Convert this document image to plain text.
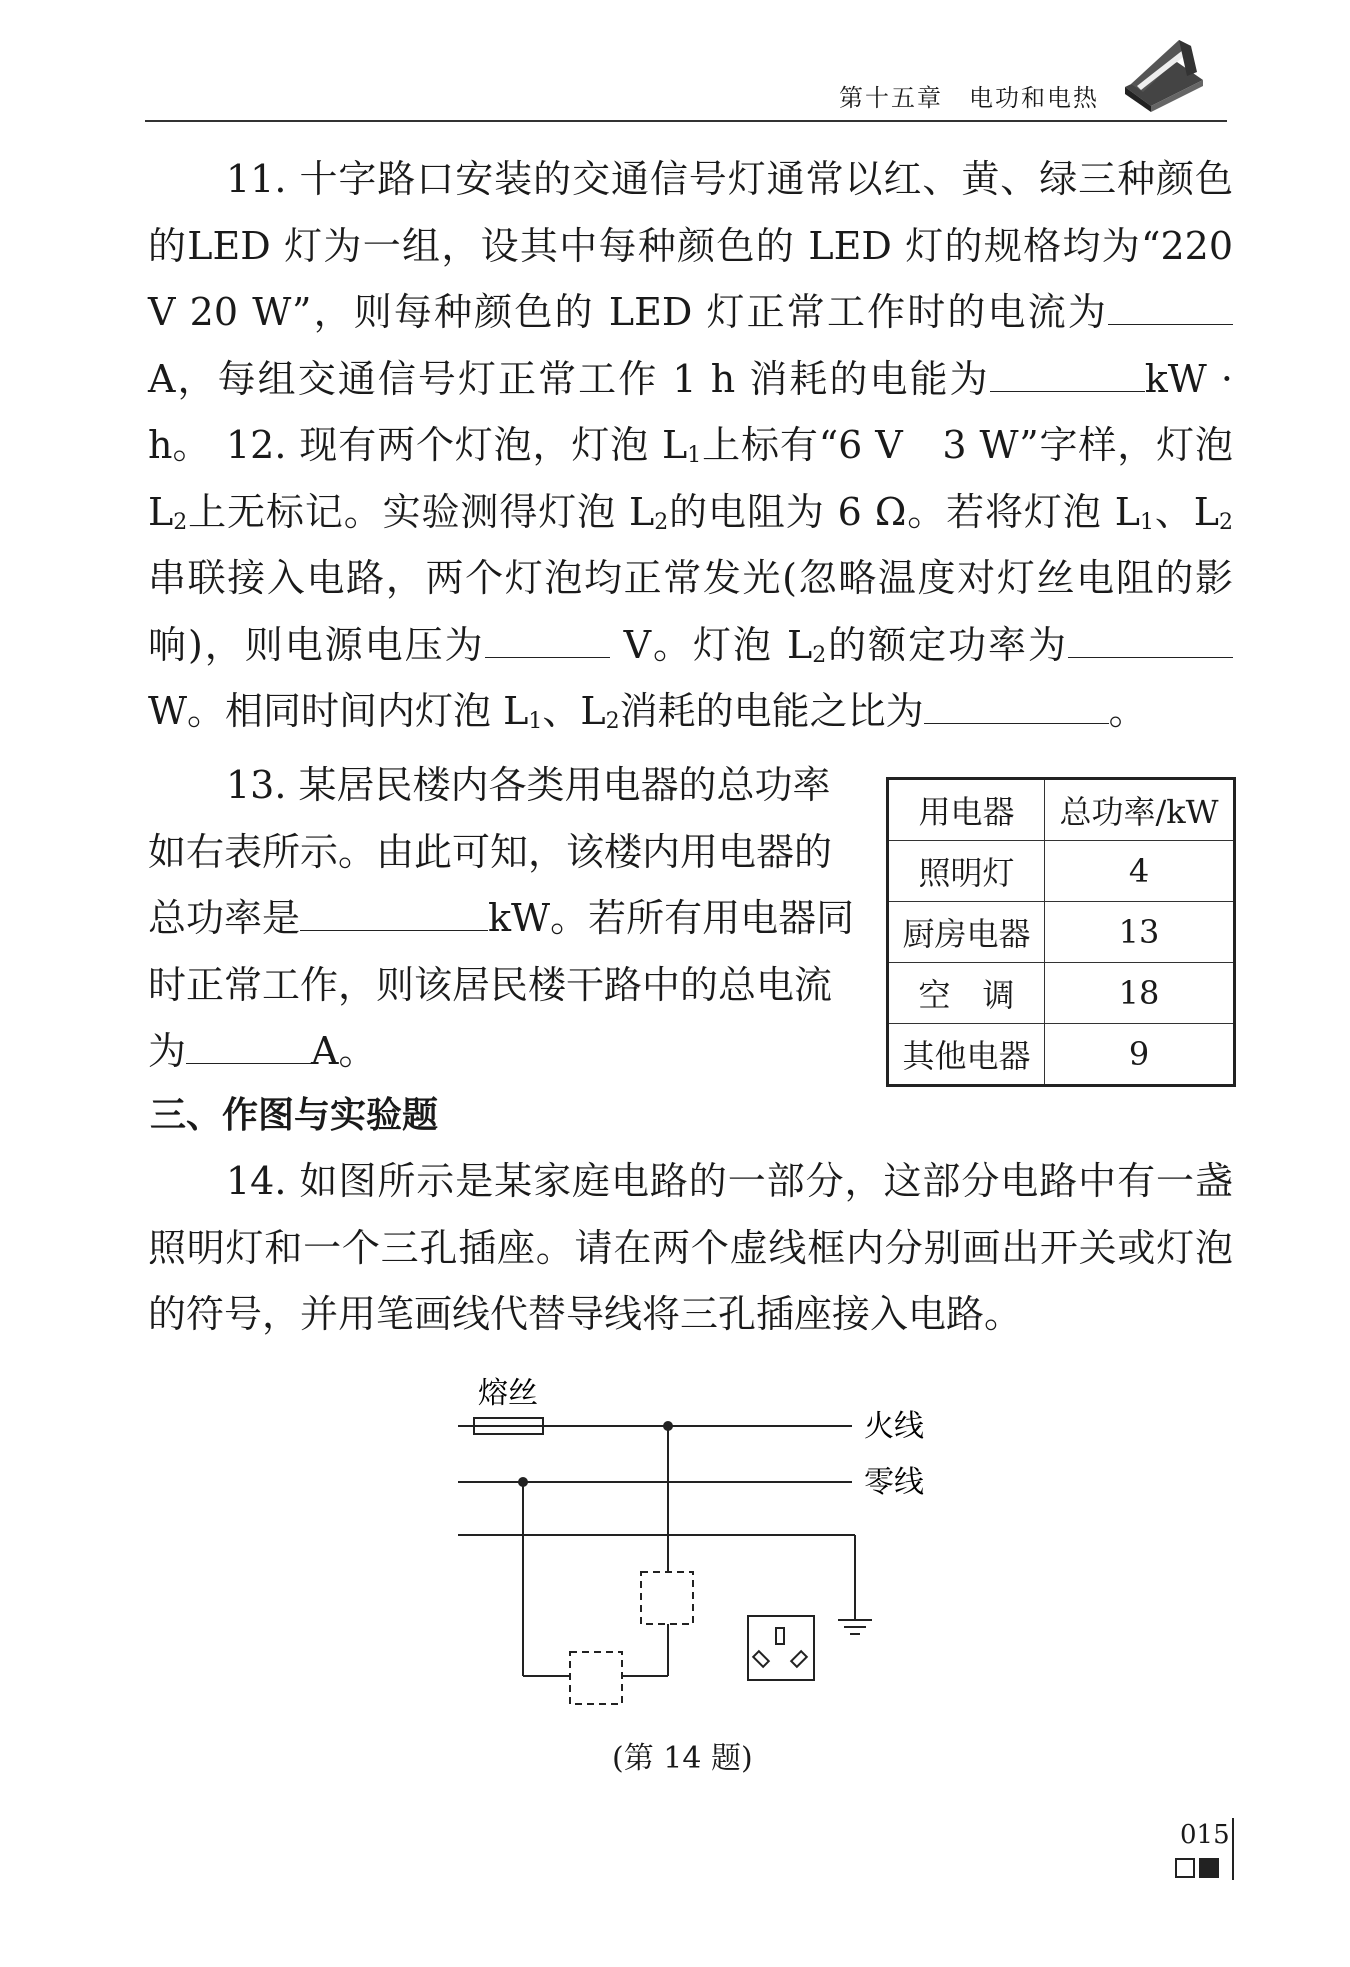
第十五章　电功和电热
11. 十字路口安装的交通信号灯通常以红、黄、绿三种颜色的LED 灯为一组，设其中每种颜色的 LED 灯的规格均为“220 V 20 W”，则每种颜色的 LED 灯正常工作时的电流为A，每组交通信号灯正常工作 1 h 消耗的电能为	kW · h。 12. 现有两个灯泡，灯泡 $L_1$上标有“6 V　3 W”字样，灯泡 $L_2$上无标记。实验测得灯泡 $L_2$的电阻为 6 Ω。若将灯泡 $L_1$、$L_2$串联接入电路，两个灯泡均正常发光(忽略温度对灯丝电阻的影响)，则电源电压为	V。灯泡 $L_2$的额定功率为W。相同时间内灯泡 $L_1$、$L_2$消耗的电能之比为	。
13. 某居民楼内各类用电器的总功率如右表所示。由此可知，该楼内用电器的总功率是	kW。若所有用电器同时正常工作，则该居民楼干路中的总电流为	A。
用电器	总功率/kW
照明灯	4
厨房电器	13
空　调	18
其他电器	9
三、作图与实验题
14. 如图所示是某家庭电路的一部分，这部分电路中有一盏照明灯和一个三孔插座。请在两个虚线框内分别画出开关或灯泡的符号，并用笔画线代替导线将三孔插座接入电路。
熔丝
火线
零线
(第 14 题)
015
